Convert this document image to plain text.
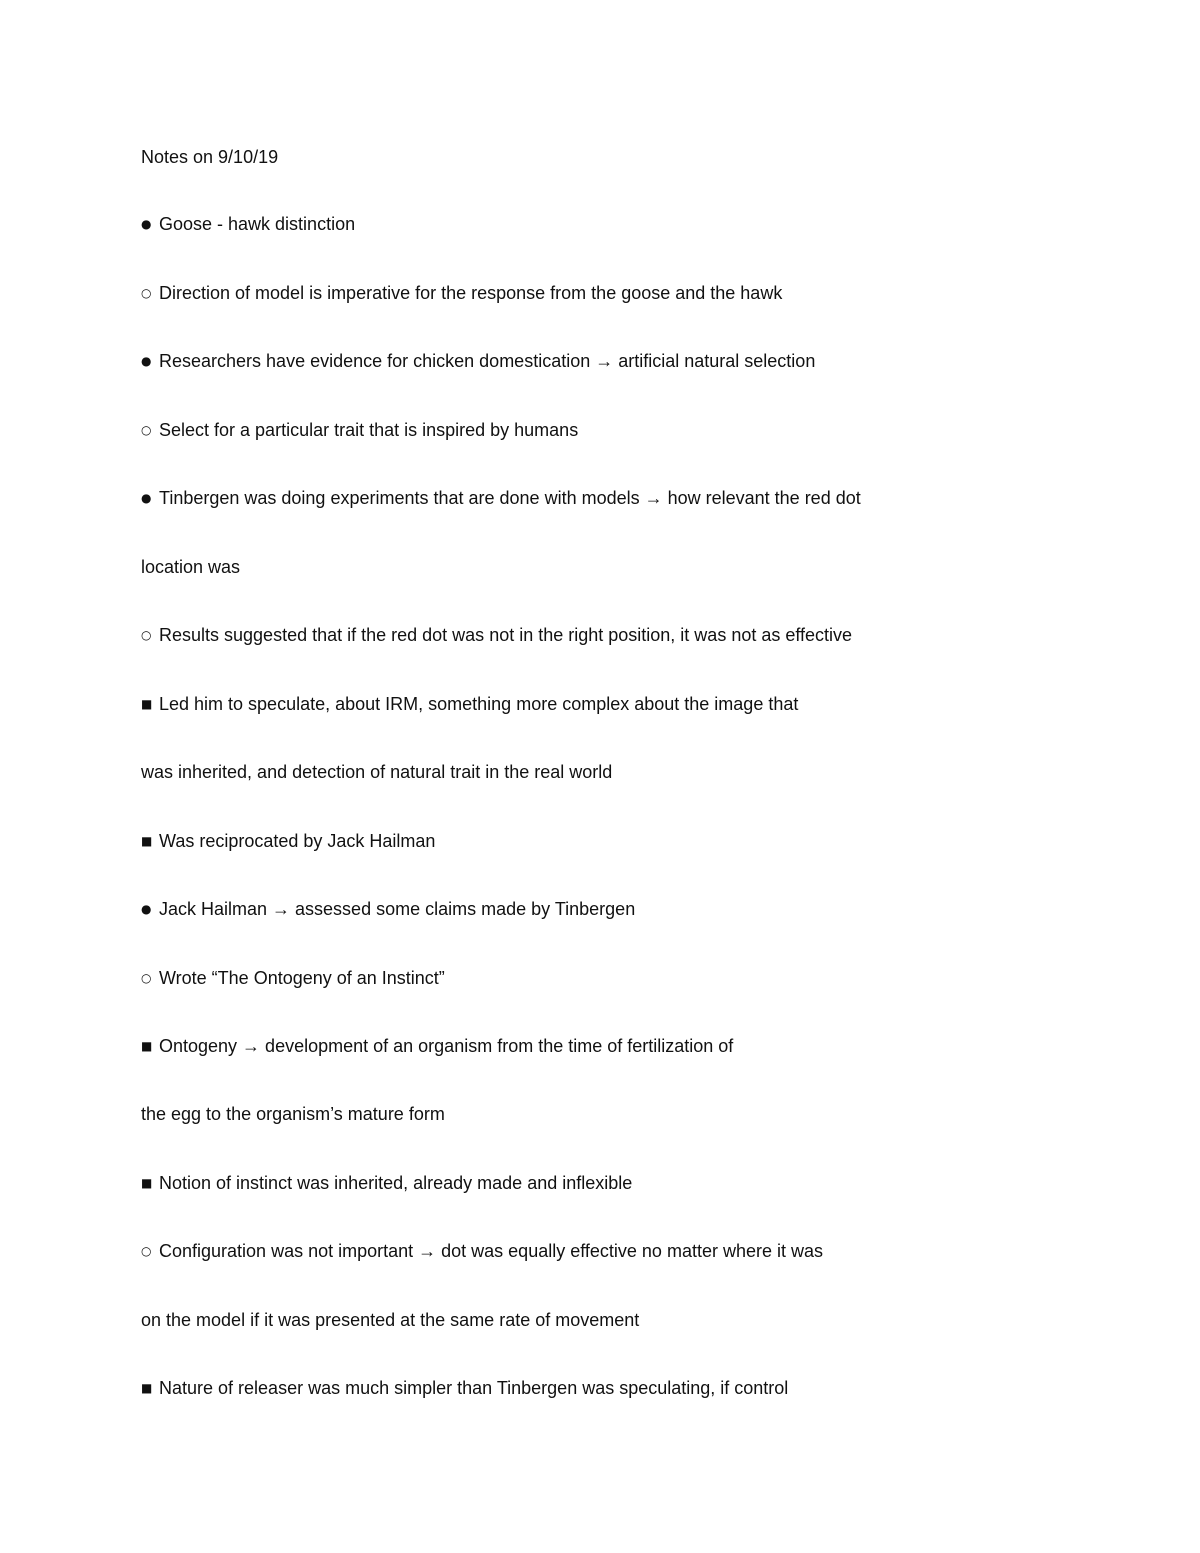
Notes on 9/10/19
● Goose - hawk distinction
○ Direction of model is imperative for the response from the goose and the hawk
● Researchers have evidence for chicken domestication → artificial natural selection
○ Select for a particular trait that is inspired by humans
● Tinbergen was doing experiments that are done with models → how relevant the red dot
location was
○ Results suggested that if the red dot was not in the right position, it was not as effective
■ Led him to speculate, about IRM, something more complex about the image that
was inherited, and detection of natural trait in the real world
■ Was reciprocated by Jack Hailman
● Jack Hailman → assessed some claims made by Tinbergen
○ Wrote “The Ontogeny of an Instinct”
■ Ontogeny → development of an organism from the time of fertilization of
the egg to the organism’s mature form
■ Notion of instinct was inherited, already made and inflexible
○ Configuration was not important → dot was equally effective no matter where it was
on the model if it was presented at the same rate of movement
■ Nature of releaser was much simpler than Tinbergen was speculating, if control
